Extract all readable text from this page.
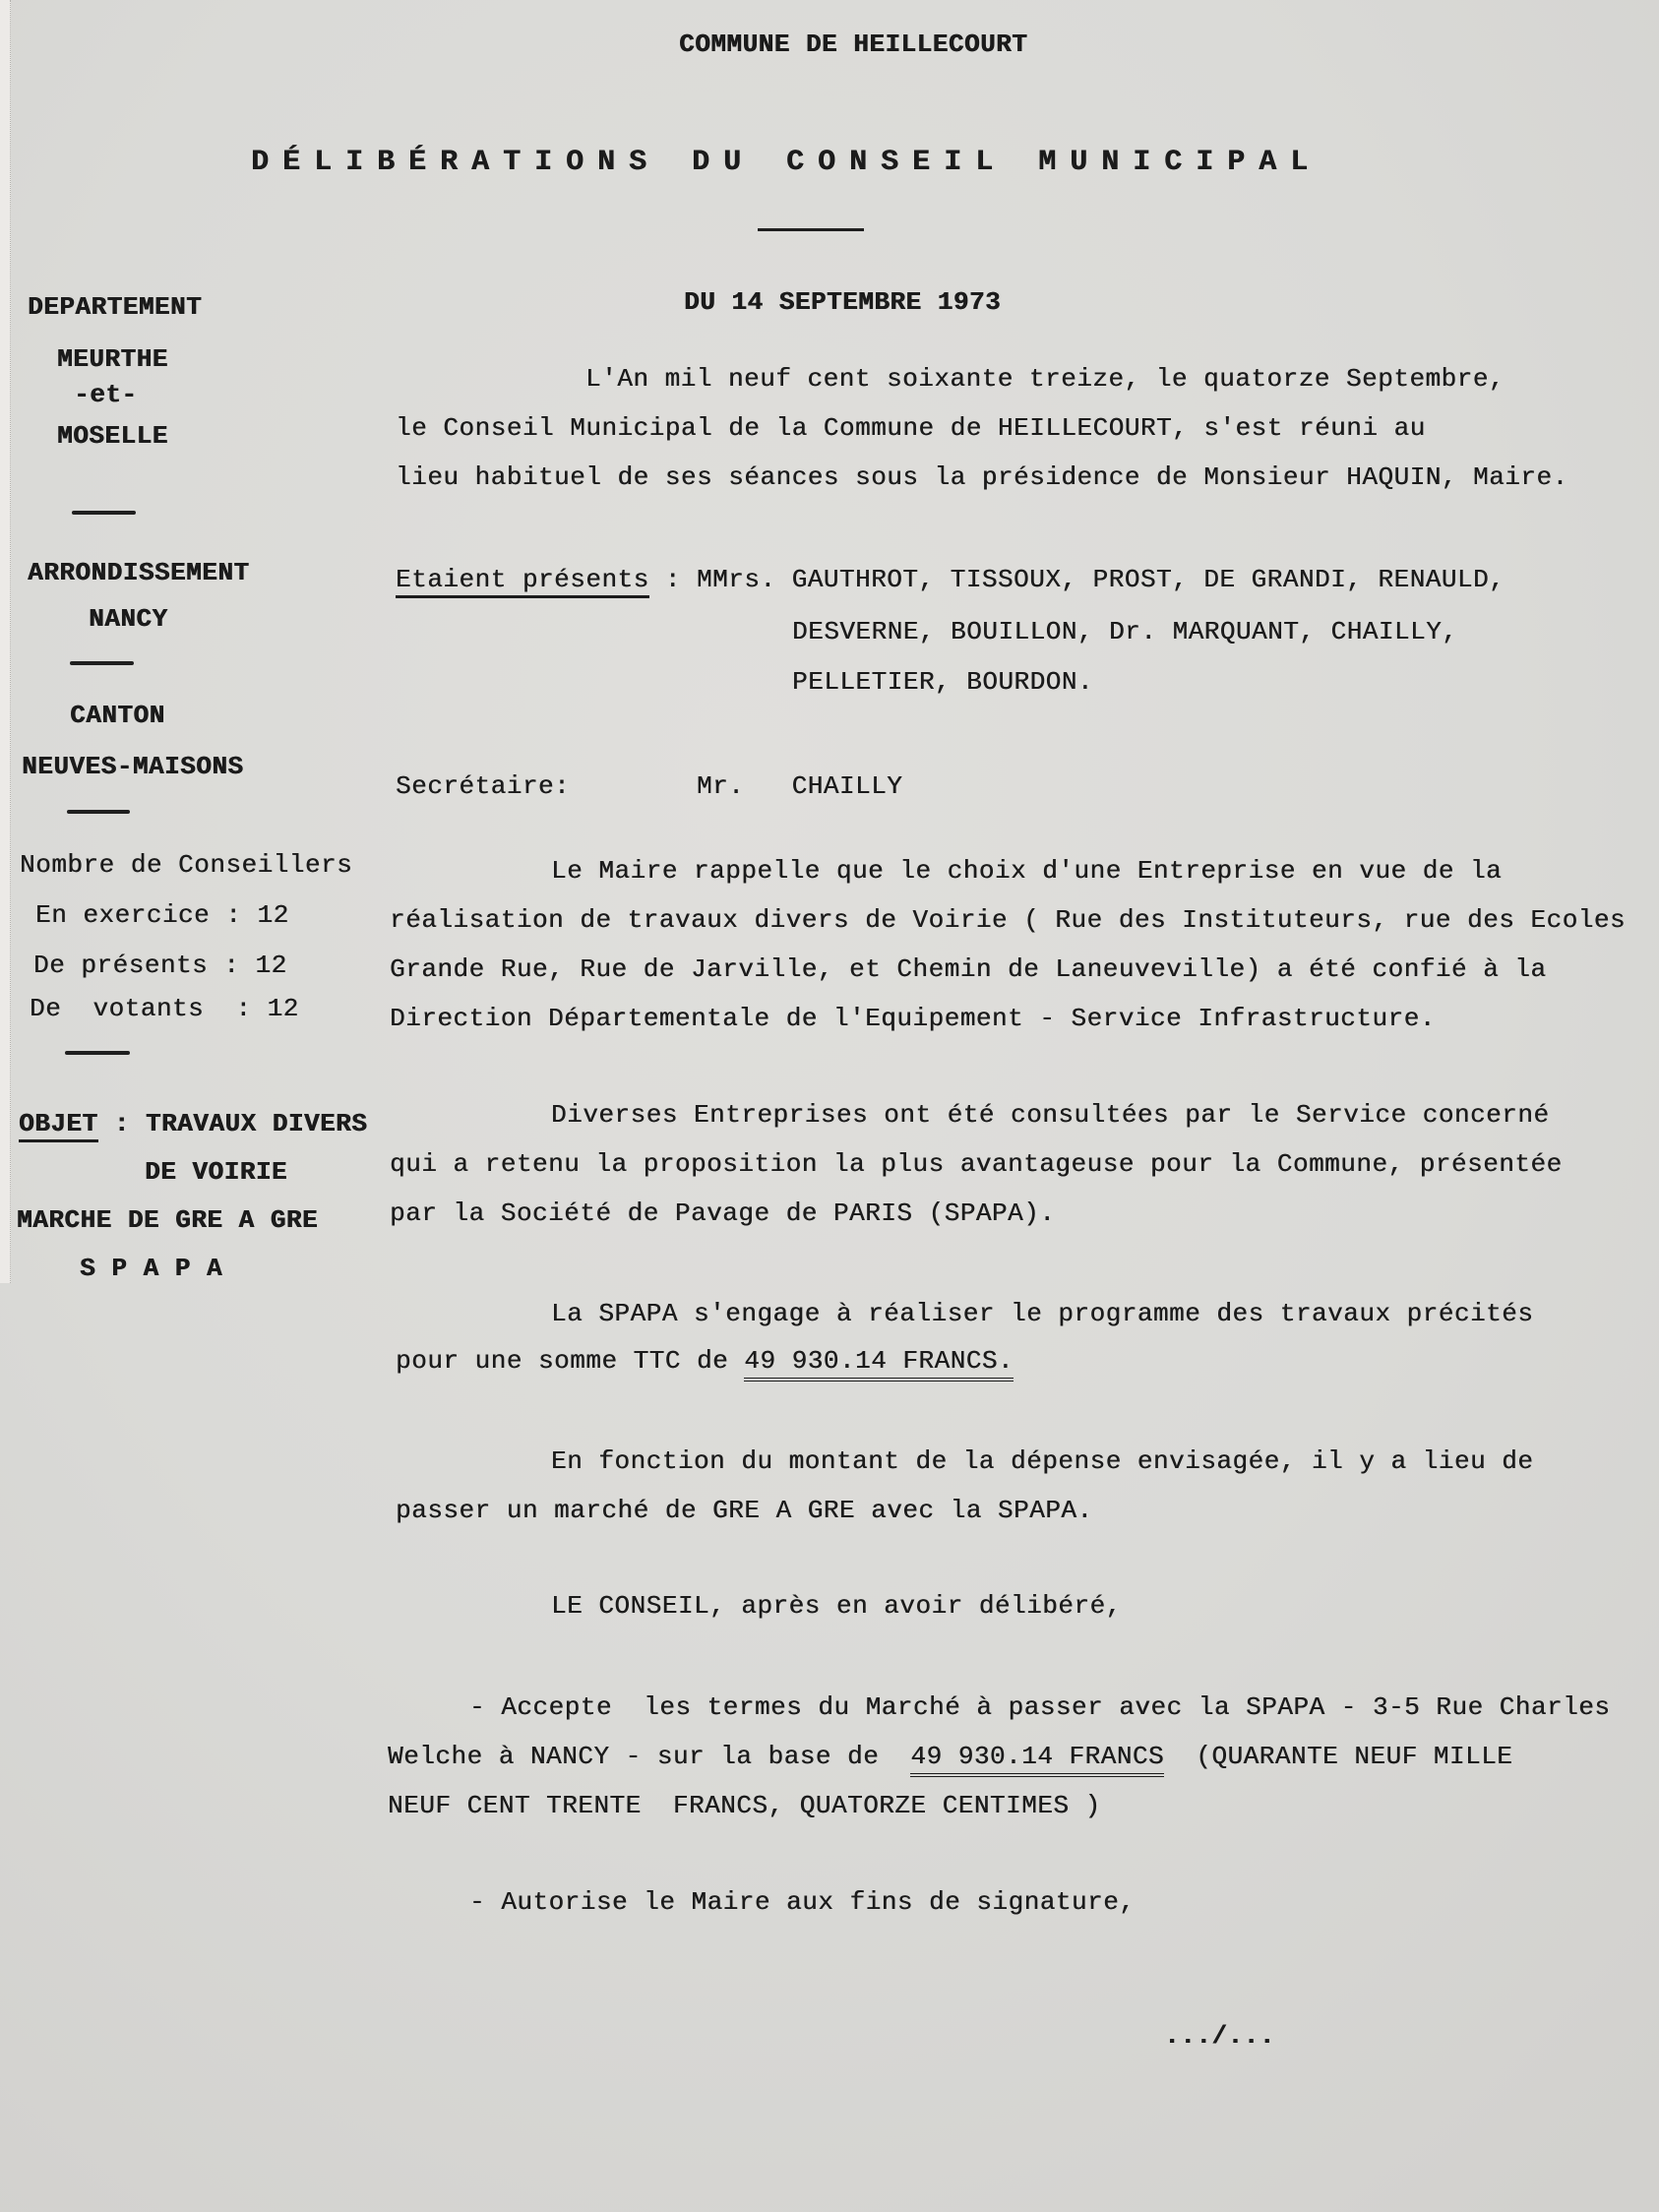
COMMUNE DE HEILLECOURT
DÉLIBÉRATIONS DU CONSEIL MUNICIPAL
DU 14 SEPTEMBRE 1973
DEPARTEMENT
MEURTHE
-et-
MOSELLE
ARRONDISSEMENT
NANCY
CANTON
NEUVES-MAISONS
Nombre de Conseillers
En exercice : 12
De présents : 12
De  votants  : 12
OBJET : TRAVAUX DIVERS
DE VOIRIE
MARCHE DE GRE A GRE
S P A P A
L'An mil neuf cent soixante treize, le quatorze Septembre,
le Conseil Municipal de la Commune de HEILLECOURT, s'est réuni au
lieu habituel de ses séances sous la présidence de Monsieur HAQUIN, Maire.
Etaient présents : MMrs. GAUTHROT, TISSOUX, PROST, DE GRANDI, RENAULD,
DESVERNE, BOUILLON, Dr. MARQUANT, CHAILLY,
PELLETIER, BOURDON.
Secrétaire:        Mr.   CHAILLY
Le Maire rappelle que le choix d'une Entreprise en vue de la
réalisation de travaux divers de Voirie ( Rue des Instituteurs, rue des Ecoles
Grande Rue, Rue de Jarville, et Chemin de Laneuveville) a été confié à la
Direction Départementale de l'Equipement - Service Infrastructure.
Diverses Entreprises ont été consultées par le Service concerné
qui a retenu la proposition la plus avantageuse pour la Commune, présentée
par la Société de Pavage de PARIS (SPAPA).
La SPAPA s'engage à réaliser le programme des travaux précités
pour une somme TTC de 49 930.14 FRANCS.
En fonction du montant de la dépense envisagée, il y a lieu de
passer un marché de GRE A GRE avec la SPAPA.
LE CONSEIL, après en avoir délibéré,
- Accepte  les termes du Marché à passer avec la SPAPA - 3-5 Rue Charles
Welche à NANCY - sur la base de  49 930.14 FRANCS  (QUARANTE NEUF MILLE
NEUF CENT TRENTE  FRANCS, QUATORZE CENTIMES )
- Autorise le Maire aux fins de signature,
.../...
